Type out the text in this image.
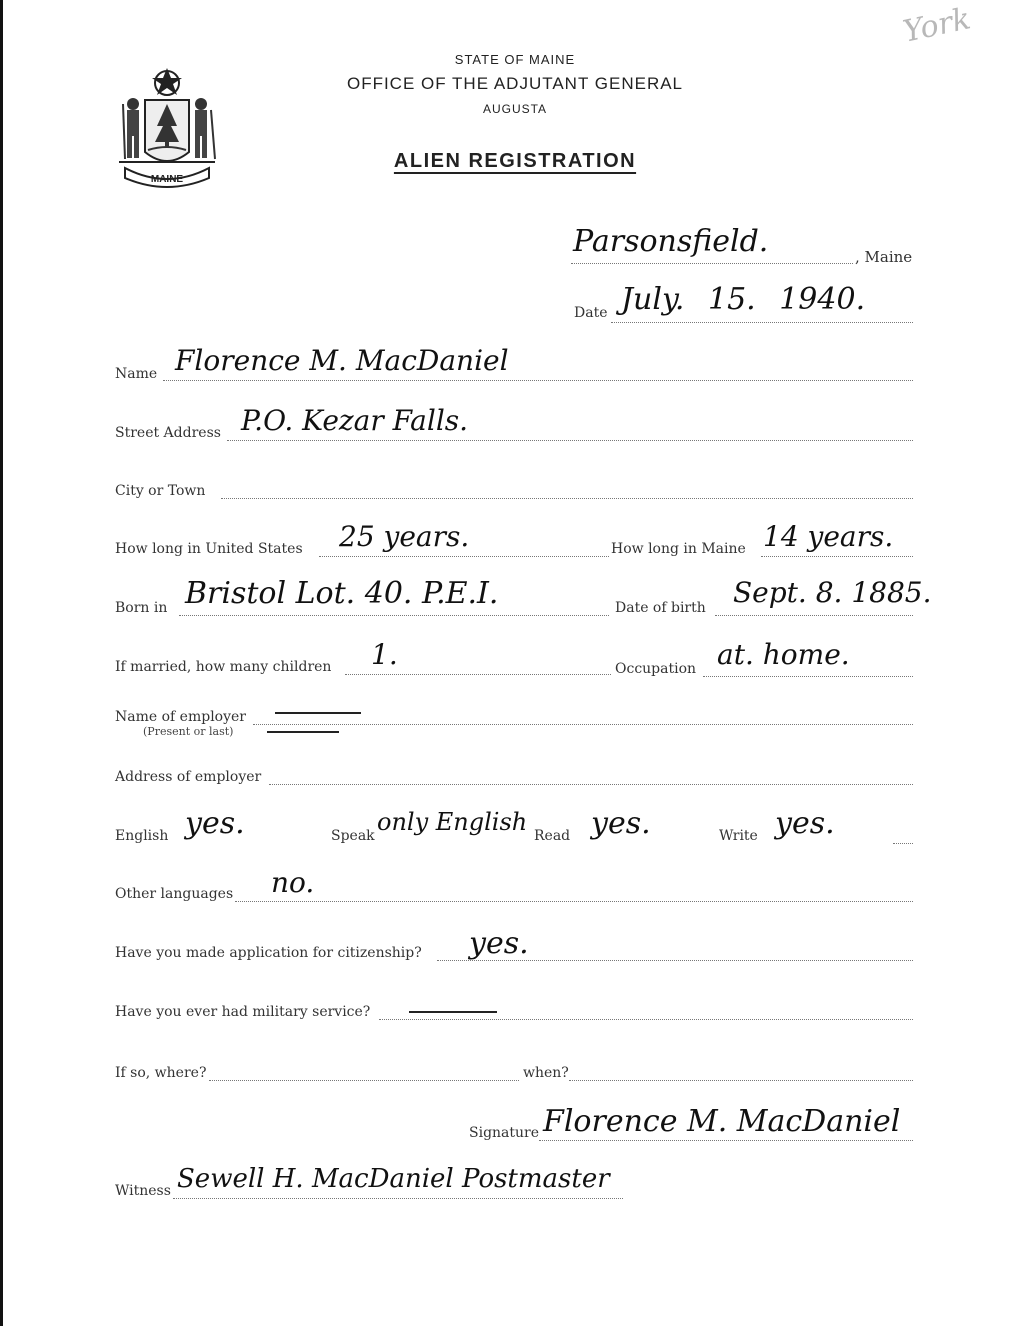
York
MAINE
STATE OF MAINE
OFFICE OF THE ADJUTANT GENERAL
AUGUSTA
ALIEN REGISTRATION
Parsonsfield.	, Maine
Date July. 15. 1940.
Name Florence M. MacDaniel
Street Address P.O. Kezar Falls.
City or Town
How long in United States 25 years.	How long in Maine 14 years.
Born in Bristol Lot. 40. P.E.I.	Date of birth Sept. 8. 1885.
If married, how many children 1.	Occupation at. home.
Name of employer
(Present or last)
Address of employer
English yes.	Speak only English Read yes.	Write yes.
Other languages no.
Have you made application for citizenship? yes.
Have you ever had military service?
If so, where?	when?
Signature Florence M. MacDaniel
Witness Sewell H. MacDaniel Postmaster
